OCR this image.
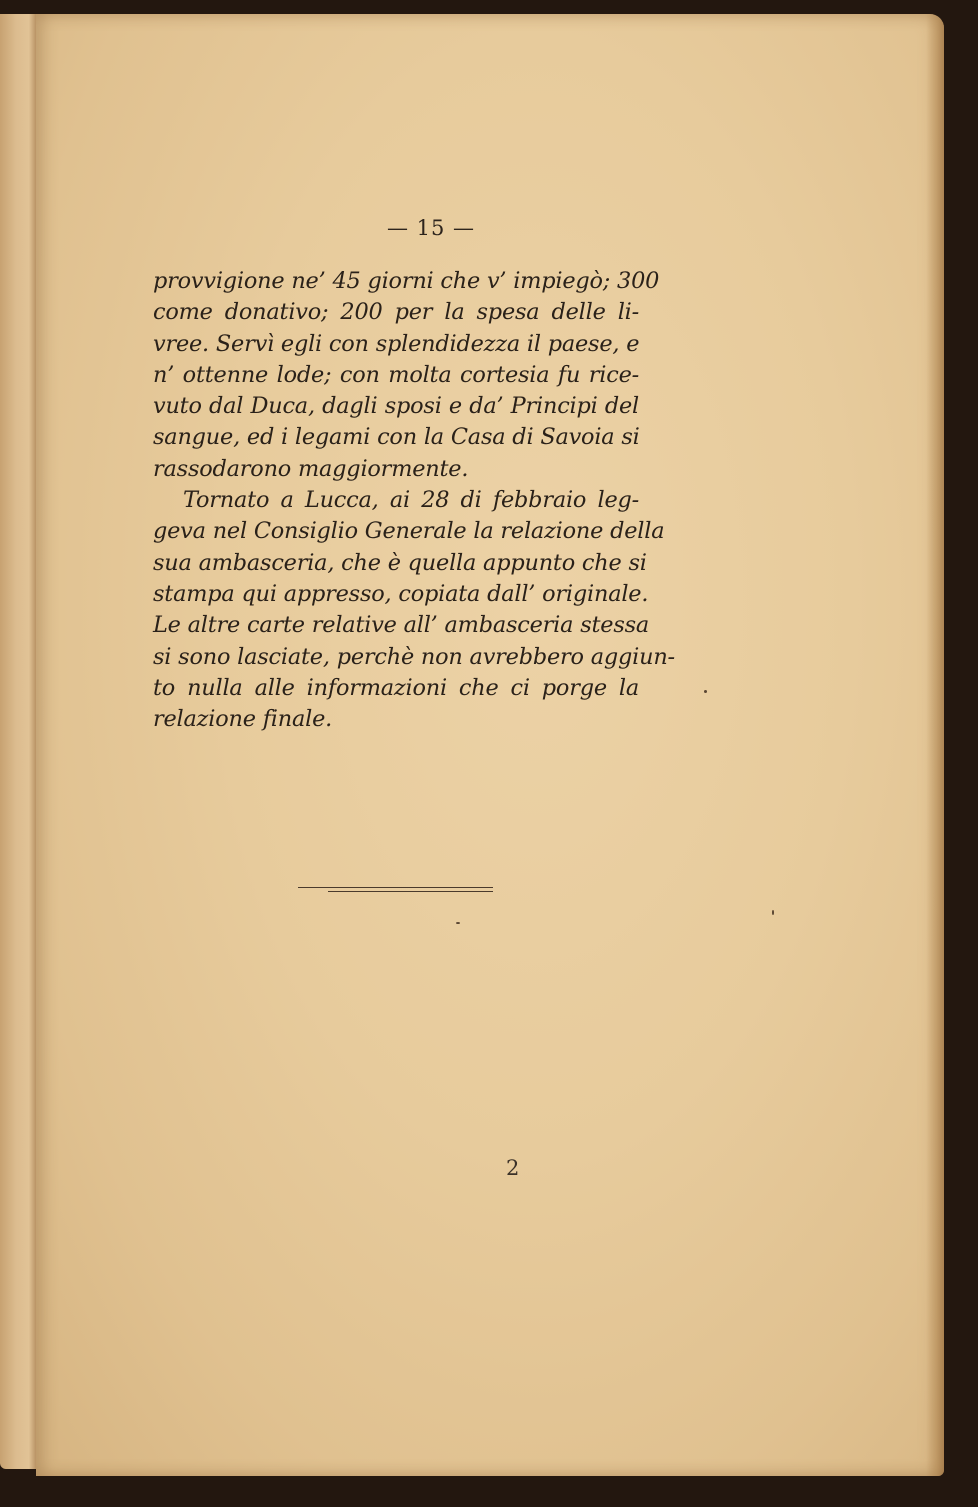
— 15 —
provvigione ne’ 45 giorni che v’ impiegò; 300
come donativo; 200 per la spesa delle li-
vree. Servì egli con splendidezza il paese, e
n’ ottenne lode; con molta cortesia fu rice-
vuto dal Duca, dagli sposi e da’ Principi del
sangue, ed i legami con la Casa di Savoia si
rassodarono maggiormente.
Tornato a Lucca, ai 28 di febbraio leg-
geva nel Consiglio Generale la relazione della
sua ambasceria, che è quella appunto che si
stampa qui appresso, copiata dall’ originale.
Le altre carte relative all’ ambasceria stessa
si sono lasciate, perchè non avrebbero aggiun-
to nulla alle informazioni che ci porge la
relazione finale.
2
